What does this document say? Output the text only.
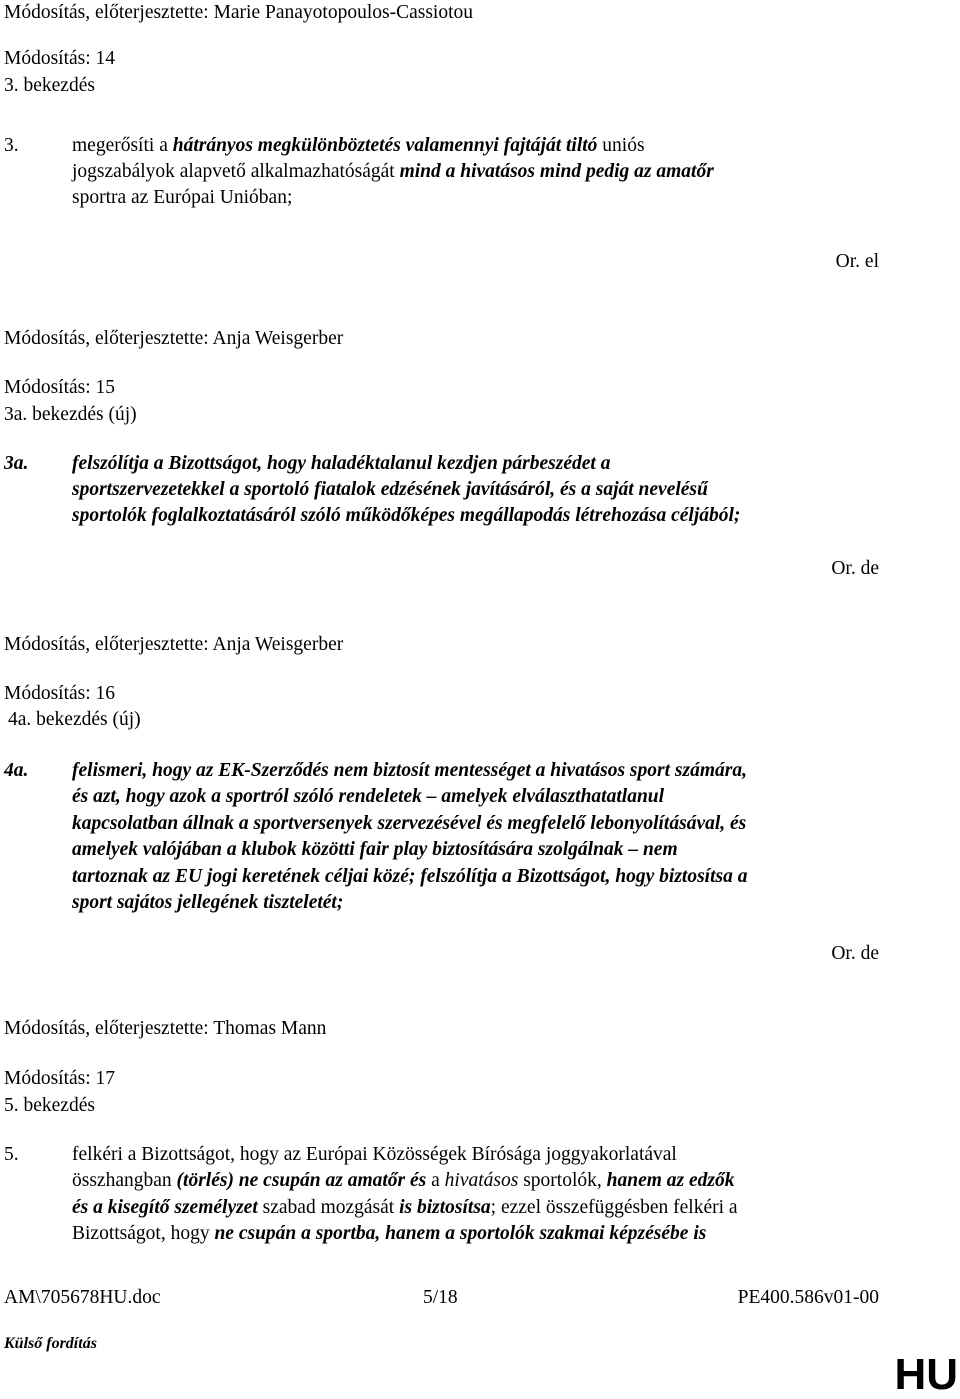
Módosítás, előterjesztette: Marie Panayotopoulos-Cassiotou
Módosítás: 14
3. bekezdés
3.	megerősíti a hátrányos megkülönböztetés valamennyi fajtáját tiltó uniós
jogszabályok alapvető alkalmazhatóságát mind a hivatásos mind pedig az amatőr
sportra az Európai Unióban;
Or. el
Módosítás, előterjesztette: Anja Weisgerber
Módosítás: 15
3a. bekezdés (új)
3a. felszólítja a Bizottságot, hogy haladéktalanul kezdjen párbeszédet a
sportszervezetekkel a sportoló fiatalok edzésének javításáról, és a saját nevelésű
sportolók foglalkoztatásáról szóló működőképes megállapodás létrehozása céljából;
Or. de
Módosítás, előterjesztette: Anja Weisgerber
Módosítás: 16
4a. bekezdés (új)
4a. felismeri, hogy az EK-Szerződés nem biztosít mentességet a hivatásos sport számára,
és azt, hogy azok a sportról szóló rendeletek – amelyek elválaszthatatlanul
kapcsolatban állnak a sportversenyek szervezésével és megfelelő lebonyolításával, és
amelyek valójában a klubok közötti fair play biztosítására szolgálnak – nem
tartoznak az EU jogi keretének céljai közé; felszólítja a Bizottságot, hogy biztosítsa a
sport sajátos jellegének tiszteletét;
Or. de
Módosítás, előterjesztette: Thomas Mann
Módosítás: 17
5. bekezdés
5.	felkéri a Bizottságot, hogy az Európai Közösségek Bírósága joggyakorlatával
összhangban (törlés) ne csupán az amatőr és a hivatásos sportolók, hanem az edzők
és a kisegítő személyzet szabad mozgását is biztosítsa; ezzel összefüggésben felkéri a
Bizottságot, hogy ne csupán a sportba, hanem a sportolók szakmai képzésébe is
AM\705678HU.doc	5/18	PE400.586v01-00
Külső fordítás
HU
